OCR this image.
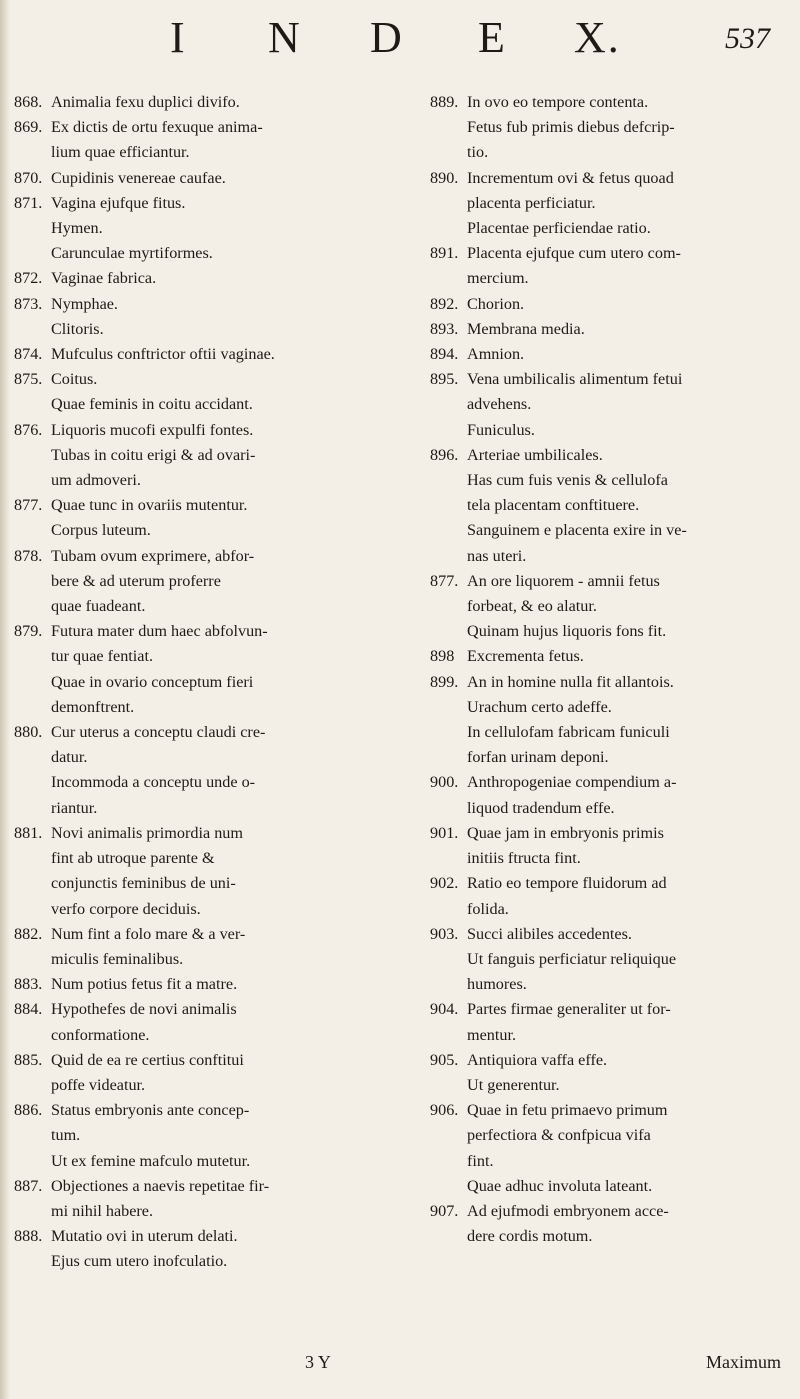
I N D E X.	537
868. Animalia fexu duplici divifo.
869. Ex dictis de ortu fexuque anima-
lium quae efficiantur.
870. Cupidinis venereae caufae.
871. Vagina ejufque fitus.
Hymen.
Carunculae myrtiformes.
872. Vaginae fabrica.
873. Nymphae.
Clitoris.
874. Mufculus conftrictor oftii vaginae.
875. Coitus.
Quae feminis in coitu accidant.
876. Liquoris mucofi expulfi fontes.
Tubas in coitu erigi & ad ovari-
um admoveri.
877. Quae tunc in ovariis mutentur.
Corpus luteum.
878. Tubam ovum exprimere, abfor-
bere & ad uterum proferre
quae fuadeant.
879. Futura mater dum haec abfolvun-
tur quae fentiat.
Quae in ovario conceptum fieri
demonftrent.
880. Cur uterus a conceptu claudi cre-
datur.
Incommoda a conceptu unde o-
riantur.
881. Novi animalis primordia num
fint ab utroque parente &
conjunctis feminibus de uni-
verfo corpore deciduis.
882. Num fint a folo mare & a ver-
miculis feminalibus.
883. Num potius fetus fit a matre.
884. Hypothefes de novi animalis
conformatione.
885. Quid de ea re certius conftitui
poffe videatur.
886. Status embryonis ante concep-
tum.
Ut ex femine mafculo mutetur.
887. Objectiones a naevis repetitae fir-
mi nihil habere.
888. Mutatio ovi in uterum delati.
Ejus cum utero inofculatio.
889. In ovo eo tempore contenta.
Fetus fub primis diebus defcrip-
tio.
890. Incrementum ovi & fetus quoad
placenta perficiatur.
Placentae perficiendae ratio.
891. Placenta ejufque cum utero com-
mercium.
892. Chorion.
893. Membrana media.
894. Amnion.
895. Vena umbilicalis alimentum fetui
advehens.
Funiculus.
896. Arteriae umbilicales.
Has cum fuis venis & cellulofa
tela placentam conftituere.
Sanguinem e placenta exire in ve-
nas uteri.
877. An ore liquorem - amnii fetus
forbeat, & eo alatur.
Quinam hujus liquoris fons fit.
898 Excrementa fetus.
899. An in homine nulla fit allantois.
Urachum certo adeffe.
In cellulofam fabricam funiculi
forfan urinam deponi.
900. Anthropogeniae compendium a-
liquod tradendum effe.
901. Quae jam in embryonis primis
initiis ftructa fint.
902. Ratio eo tempore fluidorum ad
folida.
903. Succi alibiles accedentes.
Ut fanguis perficiatur reliquique
humores.
904. Partes firmae generaliter ut for-
mentur.
905. Antiquiora vaffa effe.
Ut generentur.
906. Quae in fetu primaevo primum
perfectiora & confpicua vifa
fint.
Quae adhuc involuta lateant.
907. Ad ejufmodi embryonem acce-
dere cordis motum.
3 Y	Maximum
